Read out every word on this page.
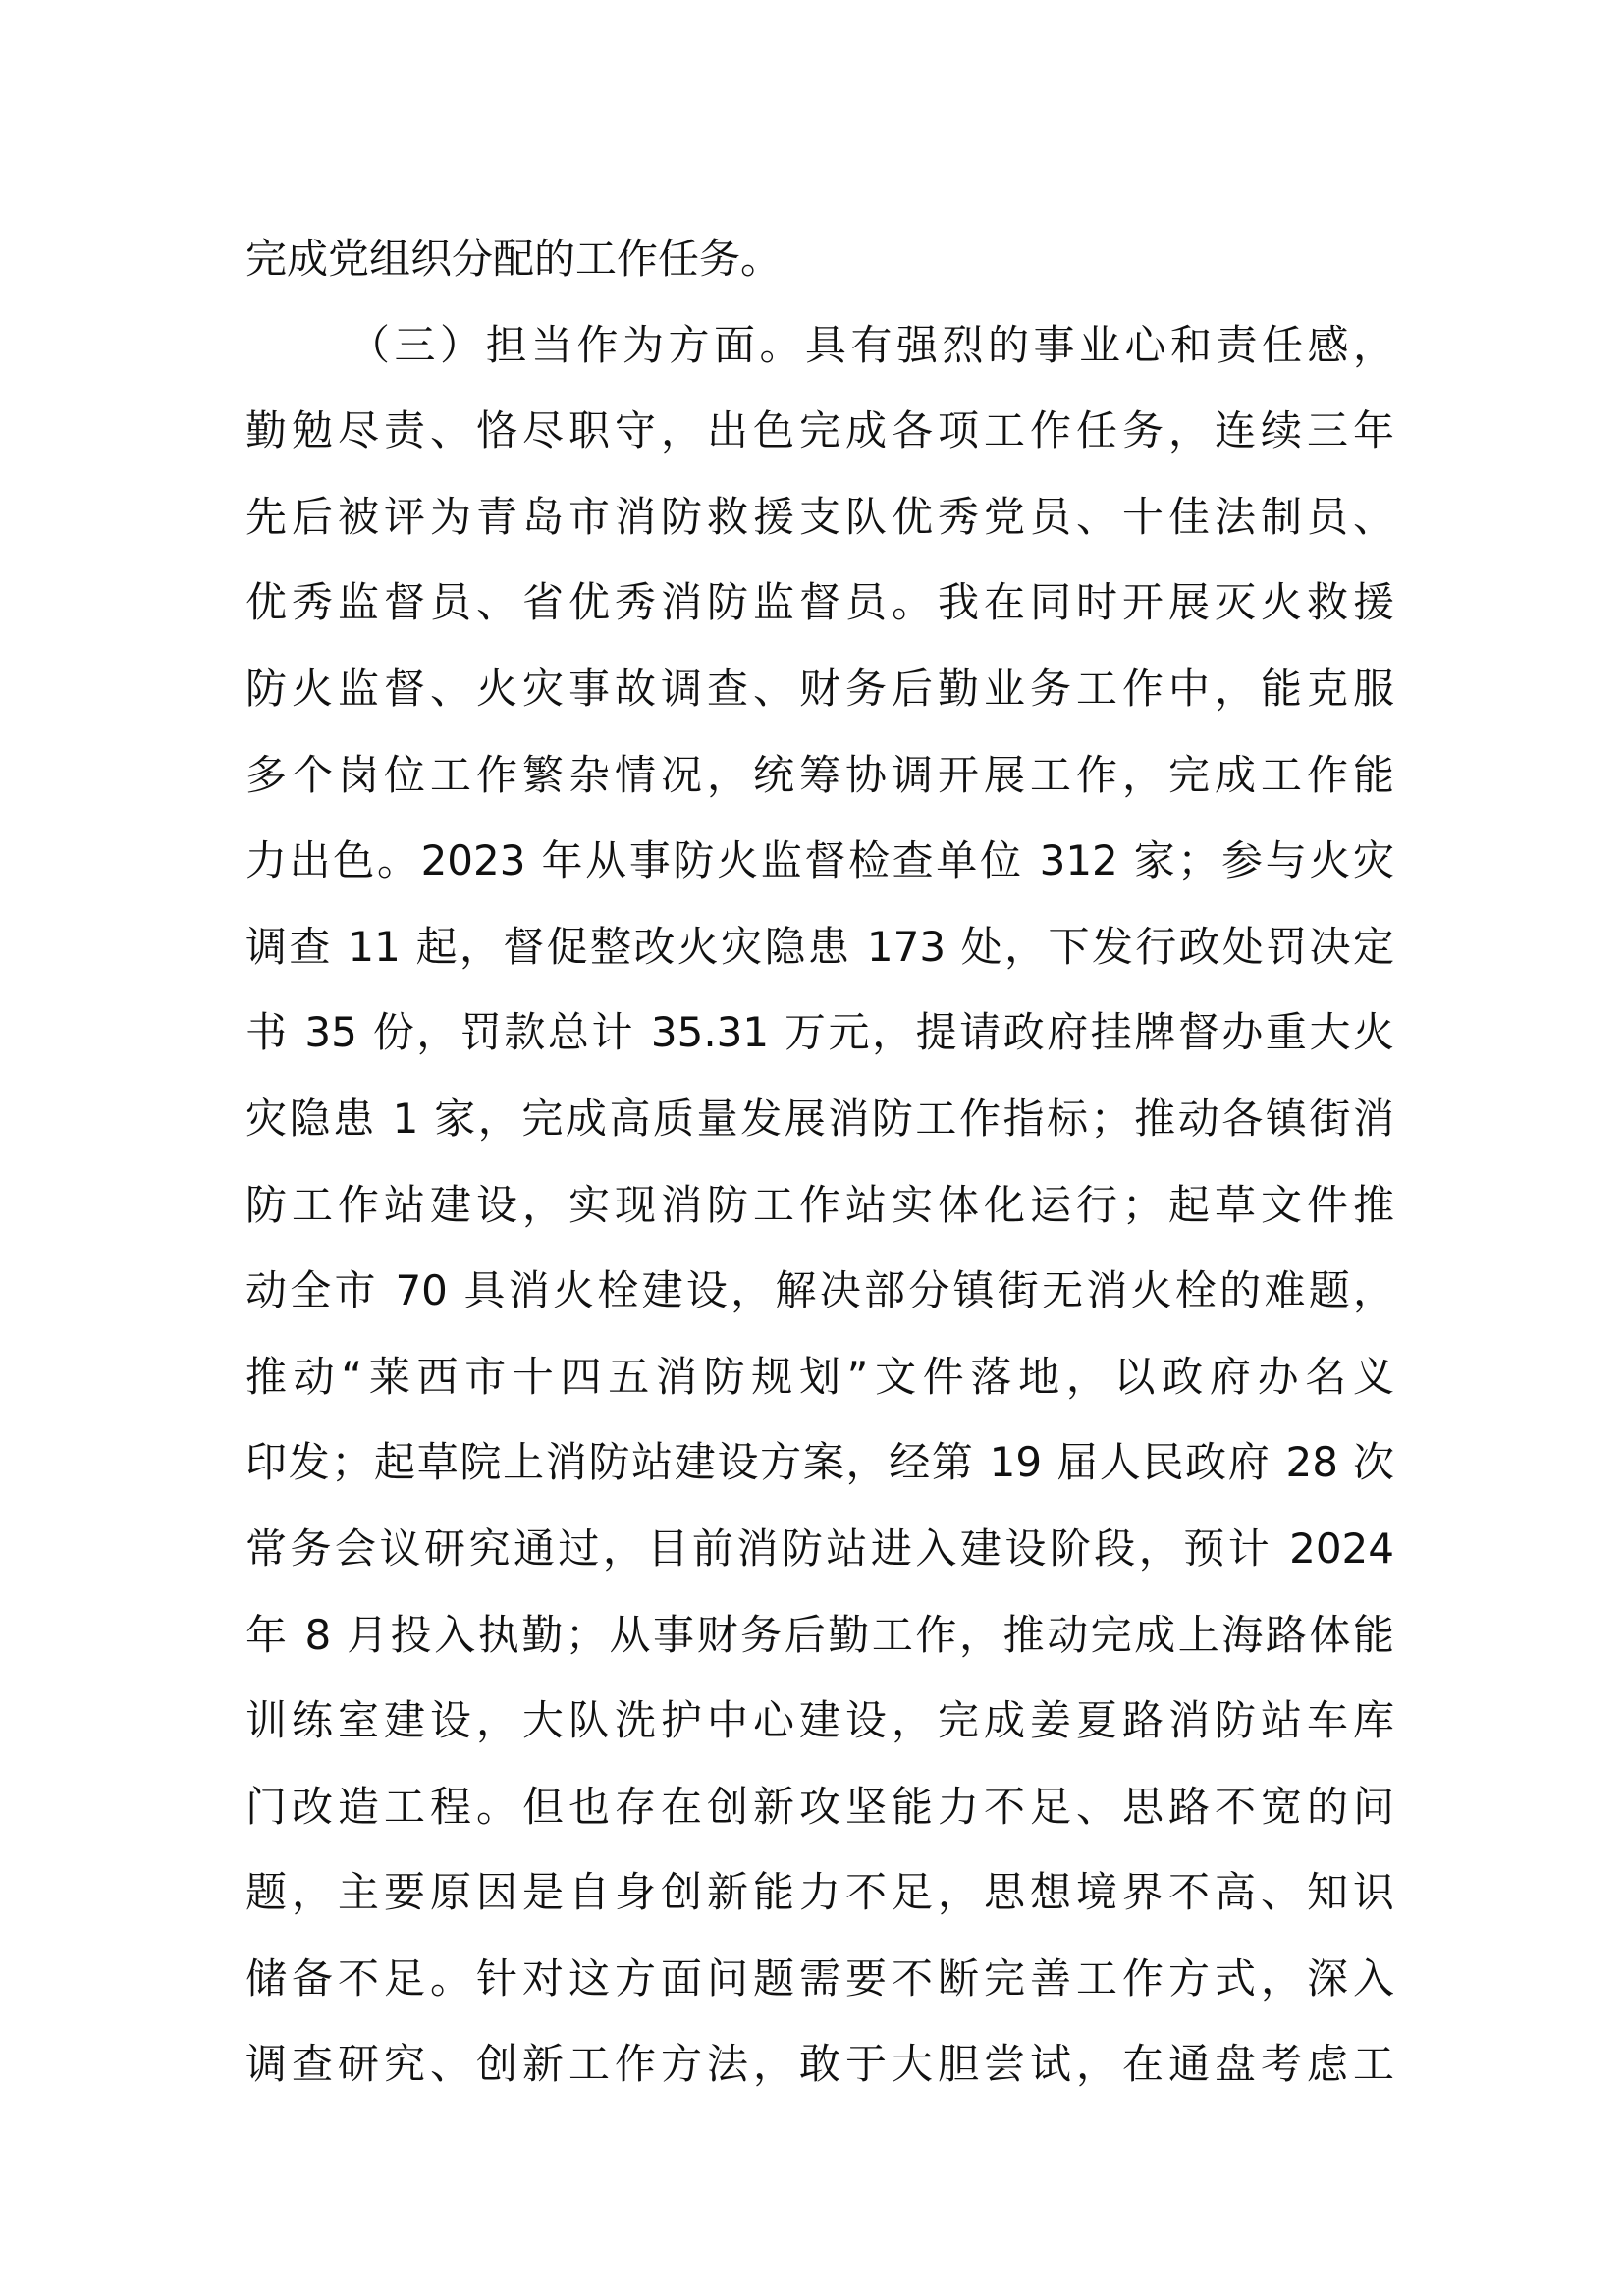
完成党组织分配的工作任务。
（三）担当作为方面。具有强烈的事业心和责任感，
勤勉尽责、恪尽职守，出色完成各项工作任务，连续三年
先后被评为青岛市消防救援支队优秀党员、十佳法制员、
优秀监督员、省优秀消防监督员。我在同时开展灭火救援
防火监督、火灾事故调查、财务后勤业务工作中，能克服
多个岗位工作繁杂情况，统筹协调开展工作，完成工作能
力出色。2023 年从事防火监督检查单位 312 家；参与火灾
调查 11 起，督促整改火灾隐患 173 处，下发行政处罚决定
书 35 份，罚款总计 35.31 万元，提请政府挂牌督办重大火
灾隐患 1 家，完成高质量发展消防工作指标；推动各镇街消
防工作站建设，实现消防工作站实体化运行；起草文件推
动全市 70 具消火栓建设，解决部分镇街无消火栓的难题，
推动“莱西市十四五消防规划”文件落地，以政府办名义
印发；起草院上消防站建设方案，经第 19 届人民政府 28 次
常务会议研究通过，目前消防站进入建设阶段，预计 2024
年 8 月投入执勤；从事财务后勤工作，推动完成上海路体能
训练室建设，大队洗护中心建设，完成姜夏路消防站车库
门改造工程。但也存在创新攻坚能力不足、思路不宽的问
题，主要原因是自身创新能力不足，思想境界不高、知识
储备不足。针对这方面问题需要不断完善工作方式，深入
调查研究、创新工作方法，敢于大胆尝试，在通盘考虑工
